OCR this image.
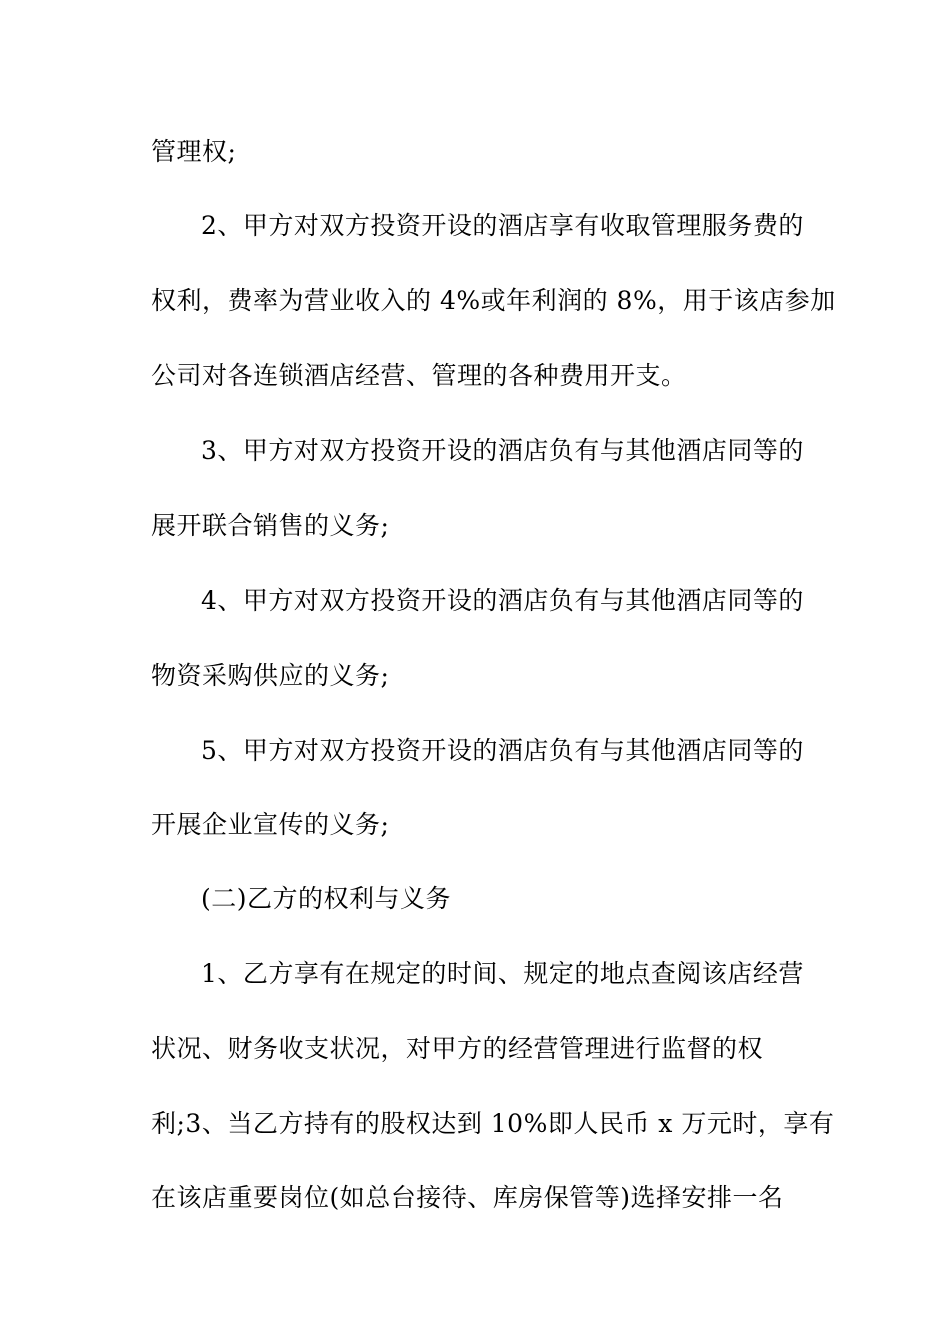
管理权;
2、甲方对双方投资开设的酒店享有收取管理服务费的
权利，费率为营业收入的 4%或年利润的 8%，用于该店参加
公司对各连锁酒店经营、管理的各种费用开支。
3、甲方对双方投资开设的酒店负有与其他酒店同等的
展开联合销售的义务;
4、甲方对双方投资开设的酒店负有与其他酒店同等的
物资采购供应的义务;
5、甲方对双方投资开设的酒店负有与其他酒店同等的
开展企业宣传的义务;
(二)乙方的权利与义务
1、乙方享有在规定的时间、规定的地点查阅该店经营
状况、财务收支状况，对甲方的经营管理进行监督的权
利;3、当乙方持有的股权达到 10%即人民币 x 万元时，享有
在该店重要岗位(如总台接待、库房保管等)选择安排一名
